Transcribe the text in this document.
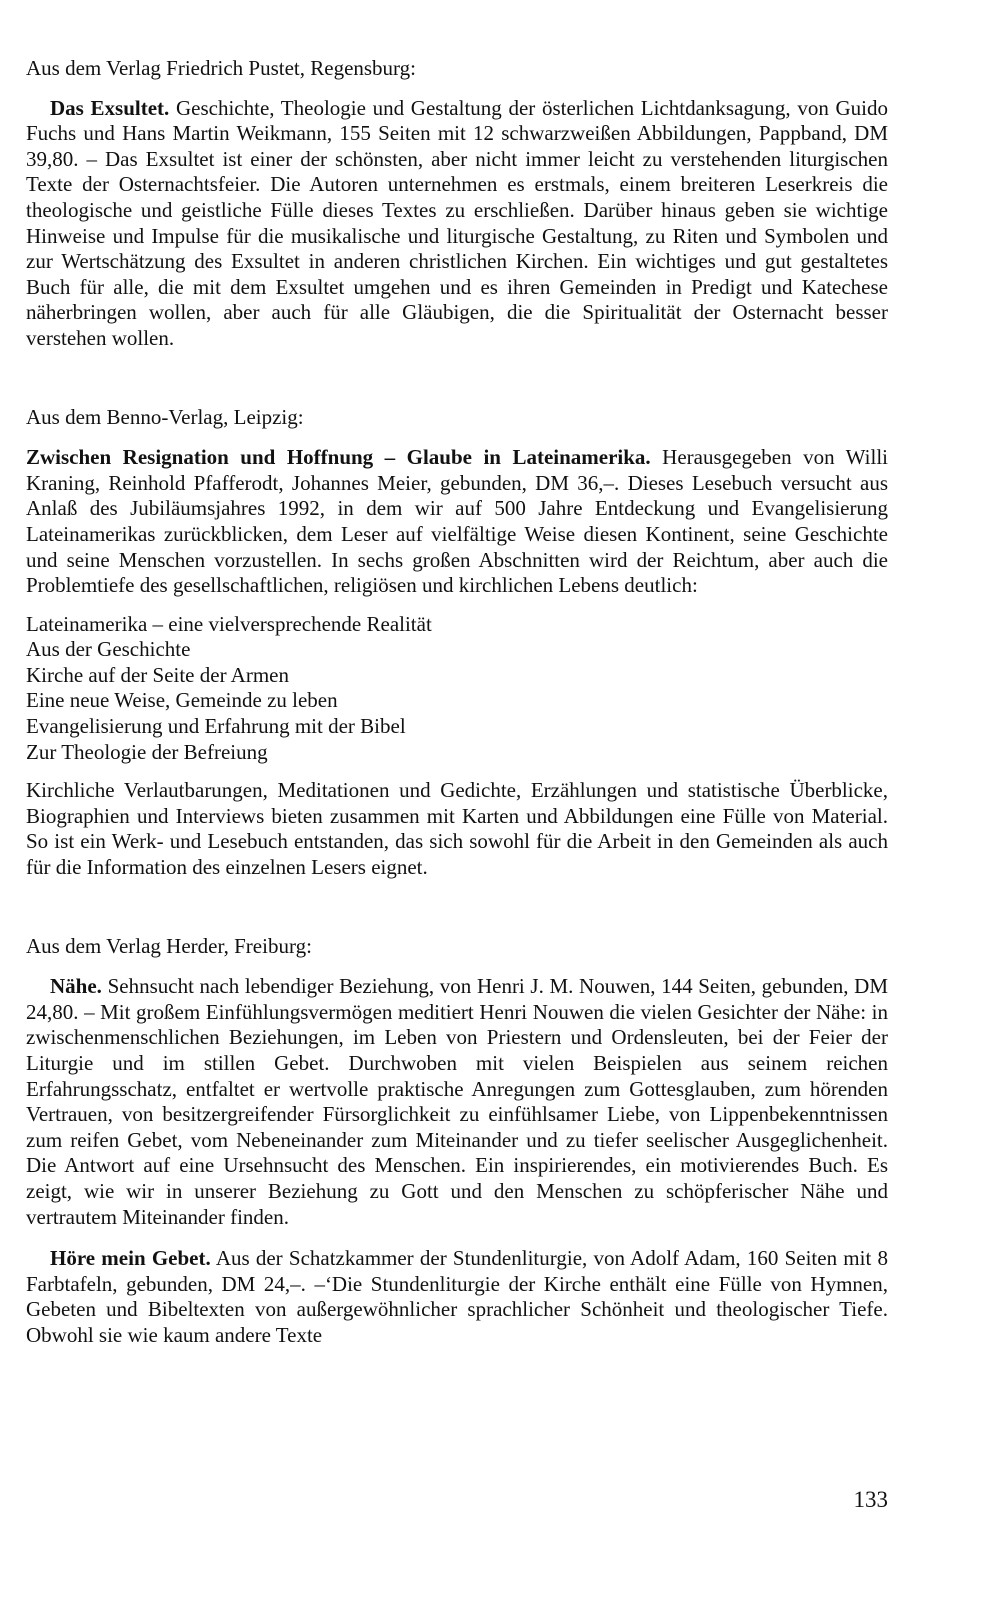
Aus dem Verlag Friedrich Pustet, Regensburg:

Das Exsultet. Geschichte, Theologie und Gestaltung der österlichen Lichtdanksagung, von Guido Fuchs und Hans Martin Weikmann, 155 Seiten mit 12 schwarzweißen Abbildungen, Pappband, DM 39,80. – Das Exsultet ist einer der schönsten, aber nicht immer leicht zu verstehenden liturgischen Texte der Osternachtsfeier. Die Autoren unternehmen es erstmals, einem breiteren Leserkreis die theologische und geistliche Fülle dieses Textes zu erschließen. Darüber hinaus geben sie wichtige Hinweise und Impulse für die musikalische und liturgische Gestaltung, zu Riten und Symbolen und zur Wertschätzung des Exsultet in anderen christlichen Kirchen. Ein wichtiges und gut gestaltetes Buch für alle, die mit dem Exsultet umgehen und es ihren Gemeinden in Predigt und Katechese näherbringen wollen, aber auch für alle Gläubigen, die die Spiritualität der Osternacht besser verstehen wollen.

Aus dem Benno-Verlag, Leipzig:

Zwischen Resignation und Hoffnung – Glaube in Lateinamerika. Herausgegeben von Willi Kraning, Reinhold Pfafferodt, Johannes Meier, gebunden, DM 36,–. Dieses Lesebuch versucht aus Anlaß des Jubiläumsjahres 1992, in dem wir auf 500 Jahre Entdeckung und Evangelisierung Lateinamerikas zurückblicken, dem Leser auf vielfältige Weise diesen Kontinent, seine Geschichte und seine Menschen vorzustellen. In sechs großen Abschnitten wird der Reichtum, aber auch die Problemtiefe des gesellschaftlichen, religiösen und kirchlichen Lebens deutlich:

Lateinamerika – eine vielversprechende Realität
Aus der Geschichte
Kirche auf der Seite der Armen
Eine neue Weise, Gemeinde zu leben
Evangelisierung und Erfahrung mit der Bibel
Zur Theologie der Befreiung

Kirchliche Verlautbarungen, Meditationen und Gedichte, Erzählungen und statistische Überblicke, Biographien und Interviews bieten zusammen mit Karten und Abbildungen eine Fülle von Material. So ist ein Werk- und Lesebuch entstanden, das sich sowohl für die Arbeit in den Gemeinden als auch für die Information des einzelnen Lesers eignet.

Aus dem Verlag Herder, Freiburg:

Nähe. Sehnsucht nach lebendiger Beziehung, von Henri J. M. Nouwen, 144 Seiten, gebunden, DM 24,80. – Mit großem Einfühlungsvermögen meditiert Henri Nouwen die vielen Gesichter der Nähe: in zwischenmenschlichen Beziehungen, im Leben von Priestern und Ordensleuten, bei der Feier der Liturgie und im stillen Gebet. Durchwoben mit vielen Beispielen aus seinem reichen Erfahrungsschatz, entfaltet er wertvolle praktische Anregungen zum Gottesglauben, zum hörenden Vertrauen, von besitzergreifender Fürsorglichkeit zu einfühlsamer Liebe, von Lippenbekenntnissen zum reifen Gebet, vom Nebeneinander zum Miteinander und zu tiefer seelischer Ausgeglichenheit. Die Antwort auf eine Ursehnsucht des Menschen. Ein inspirierendes, ein motivierendes Buch. Es zeigt, wie wir in unserer Beziehung zu Gott und den Menschen zu schöpferischer Nähe und vertrautem Miteinander finden.

Höre mein Gebet. Aus der Schatzkammer der Stundenliturgie, von Adolf Adam, 160 Seiten mit 8 Farbtafeln, gebunden, DM 24,–. –‘Die Stundenliturgie der Kirche enthält eine Fülle von Hymnen, Gebeten und Bibeltexten von außergewöhnlicher sprachlicher Schönheit und theologischer Tiefe. Obwohl sie wie kaum andere Texte

133
